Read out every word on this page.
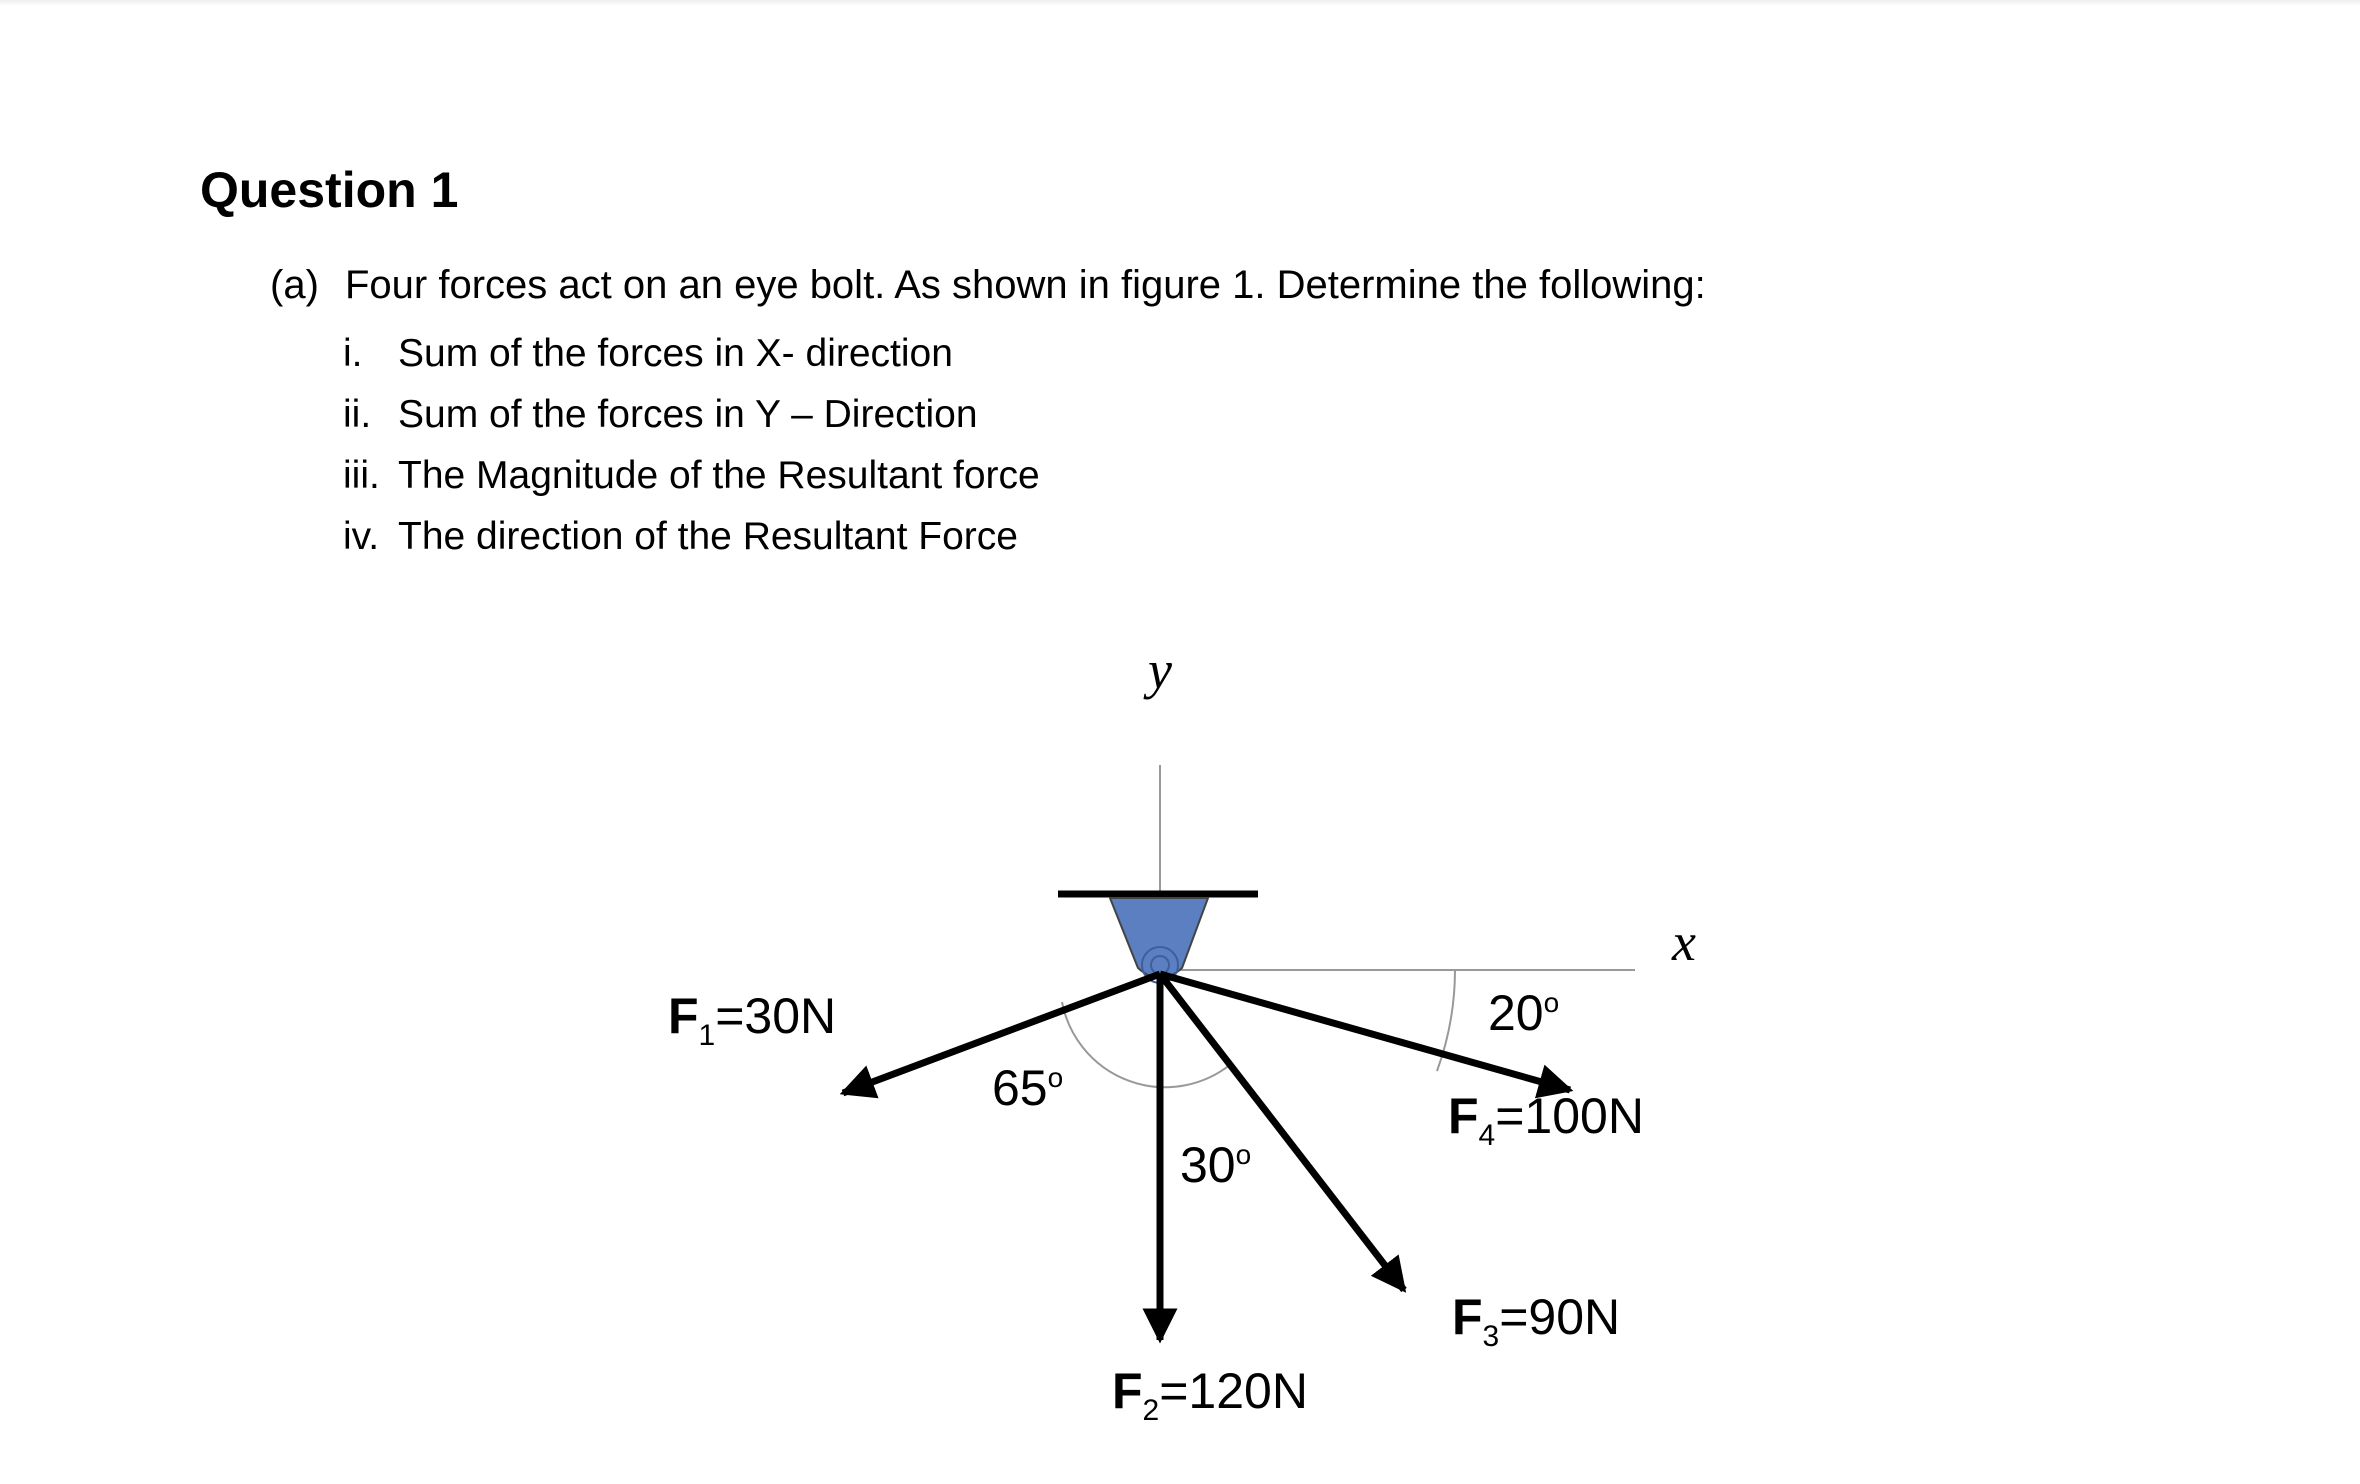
Question 1
(a) Four forces act on an eye bolt. As shown in figure 1. Determine the following:
i. Sum of the forces in X- direction
ii. Sum of the forces in Y – Direction
iii. The Magnitude of the Resultant force
iv. The direction of the Resultant Force
y
x
$F_1=30N$
$F_2=120N$
$F_3=90N$
$F_4=100N$
65$^o$
30$^o$
20$^o$
